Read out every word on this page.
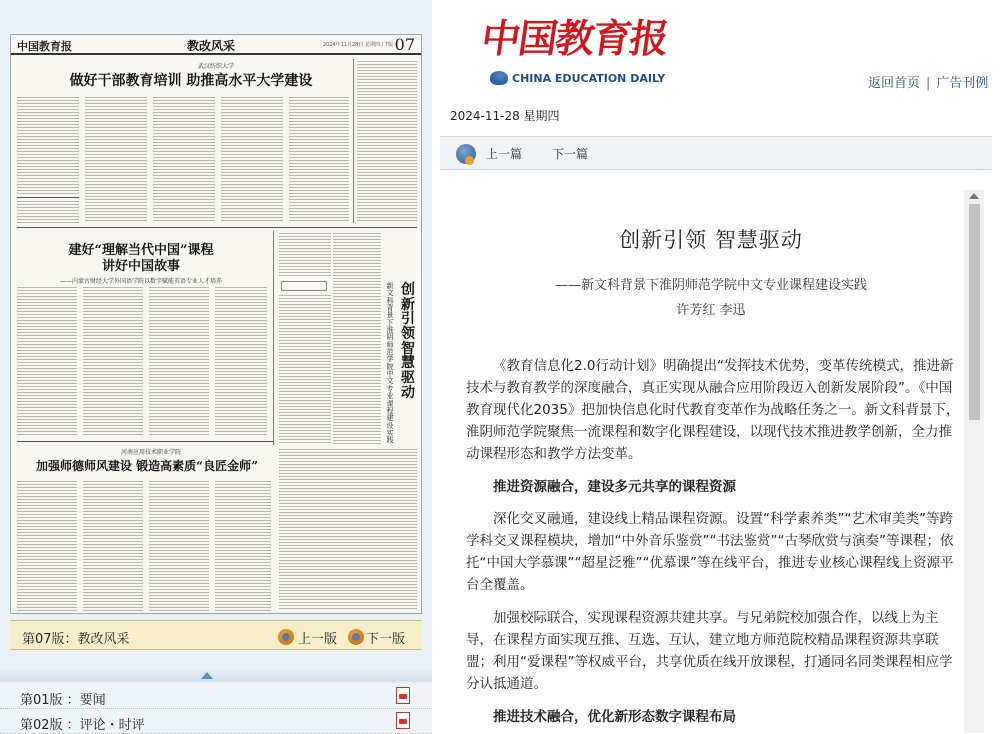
中国教育报	教改风采	2024年11月28日 星期四 / 7版 07
武汉纺织大学
做好干部教育培训 助推高水平大学建设
建好“理解当代中国”课程
讲好中国故事
——内蒙古财经大学外国语学院以数字赋能英语专业人才培养
新文科背景下淮阴师范学院中文专业课程建设实践
创新引领 智慧驱动
河南应用技术职业学院
加强师德师风建设 锻造高素质“良匠金师”
第07版：教改风采	上一版 下一版
第01版 ：要闻
第02版 ：评论・时评
中国教育报
CHINA EDUCATION DAILY	返回首页 | 广告刊例
2024-11-28 星期四
上一篇 下一篇
创新引领 智慧驱动
——新文科背景下淮阴师范学院中文专业课程建设实践
许芳红 李迅

《教育信息化2.0行动计划》明确提出“发挥技术优势，变革传统模式，推进新技术与教育教学的深度融合，真正实现从融合应用阶段迈入创新发展阶段”。《中国教育现代化2035》把加快信息化时代教育变革作为战略任务之一。新文科背景下，淮阴师范学院聚焦一流课程和数字化课程建设，以现代技术推进教学创新，全力推动课程形态和教学方法变革。

推进资源融合，建设多元共享的课程资源

深化交叉融通，建设线上精品课程资源。设置“科学素养类”“艺术审美类”等跨学科交叉课程模块，增加“中外音乐鉴赏”“书法鉴赏”“古琴欣赏与演奏”等课程；依托“中国大学慕课”“超星泛雅”“优慕课”等在线平台，推进专业核心课程线上资源平台全覆盖。

加强校际联合，实现课程资源共建共享。与兄弟院校加强合作，以线上为主导，在课程方面实现互推、互选、互认，建立地方师范院校精品课程资源共享联盟；利用“爱课程”等权威平台，共享优质在线开放课程，打通同名同类课程相应学分认抵通道。

推进技术融合，优化新形态数字课程布局
